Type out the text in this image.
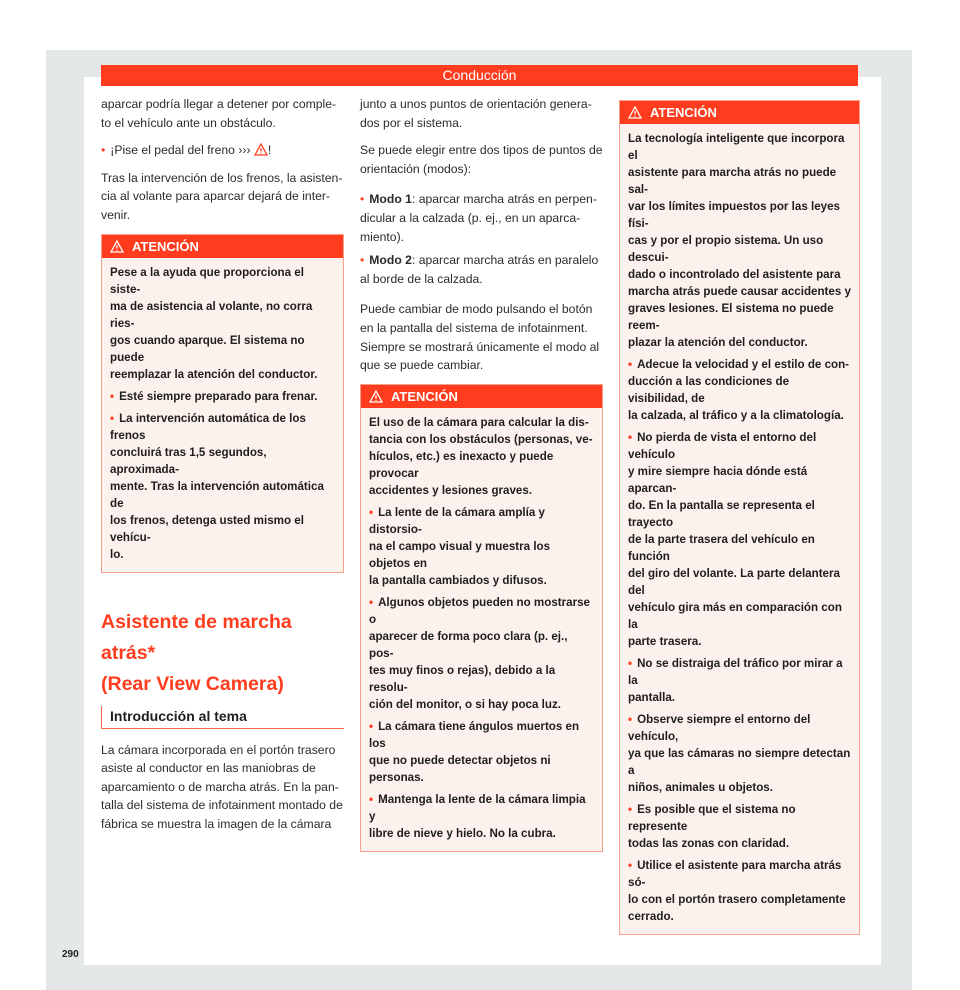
Conducción

aparcar podría llegar a detener por comple-
to el vehículo ante un obstáculo.

• ¡Pise el pedal del freno ››› !

Tras la intervención de los frenos, la asisten-
cia al volante para aparcar dejará de inter-
venir.

ATENCIÓN

Pese a la ayuda que proporciona el siste-
ma de asistencia al volante, no corra ries-
gos cuando aparque. El sistema no puede
reemplazar la atención del conductor.

• Esté siempre preparado para frenar.

• La intervención automática de los frenos
concluirá tras 1,5 segundos, aproximada-
mente. Tras la intervención automática de
los frenos, detenga usted mismo el vehícu-
lo.

Asistente de marcha atrás*
(Rear View Camera)
Introducción al tema

La cámara incorporada en el portón trasero
asiste al conductor en las maniobras de
aparcamiento o de marcha atrás. En la pan-
talla del sistema de infotainment montado de
fábrica se muestra la imagen de la cámara

junto a unos puntos de orientación genera-
dos por el sistema.

Se puede elegir entre dos tipos de puntos de
orientación (modos):

• Modo 1: aparcar marcha atrás en perpen-
dicular a la calzada (p. ej., en un aparca-
miento).

• Modo 2: aparcar marcha atrás en paralelo
al borde de la calzada.

Puede cambiar de modo pulsando el botón
en la pantalla del sistema de infotainment.
Siempre se mostrará únicamente el modo al
que se puede cambiar.

ATENCIÓN

El uso de la cámara para calcular la dis-
tancia con los obstáculos (personas, ve-
hículos, etc.) es inexacto y puede provocar
accidentes y lesiones graves.

• La lente de la cámara amplía y distorsio-
na el campo visual y muestra los objetos en
la pantalla cambiados y difusos.

• Algunos objetos pueden no mostrarse o
aparecer de forma poco clara (p. ej., pos-
tes muy finos o rejas), debido a la resolu-
ción del monitor, o si hay poca luz.

• La cámara tiene ángulos muertos en los
que no puede detectar objetos ni personas.

• Mantenga la lente de la cámara limpia y
libre de nieve y hielo. No la cubra.

ATENCIÓN

La tecnología inteligente que incorpora el
asistente para marcha atrás no puede sal-
var los límites impuestos por las leyes físi-
cas y por el propio sistema. Un uso descui-
dado o incontrolado del asistente para
marcha atrás puede causar accidentes y
graves lesiones. El sistema no puede reem-
plazar la atención del conductor.

• Adecue la velocidad y el estilo de con-
ducción a las condiciones de visibilidad, de
la calzada, al tráfico y a la climatología.

• No pierda de vista el entorno del vehículo
y mire siempre hacia dónde está aparcan-
do. En la pantalla se representa el trayecto
de la parte trasera del vehículo en función
del giro del volante. La parte delantera del
vehículo gira más en comparación con la
parte trasera.

• No se distraiga del tráfico por mirar a la
pantalla.

• Observe siempre el entorno del vehículo,
ya que las cámaras no siempre detectan a
niños, animales u objetos.

• Es posible que el sistema no represente
todas las zonas con claridad.

• Utilice el asistente para marcha atrás só-
lo con el portón trasero completamente
cerrado.

290
